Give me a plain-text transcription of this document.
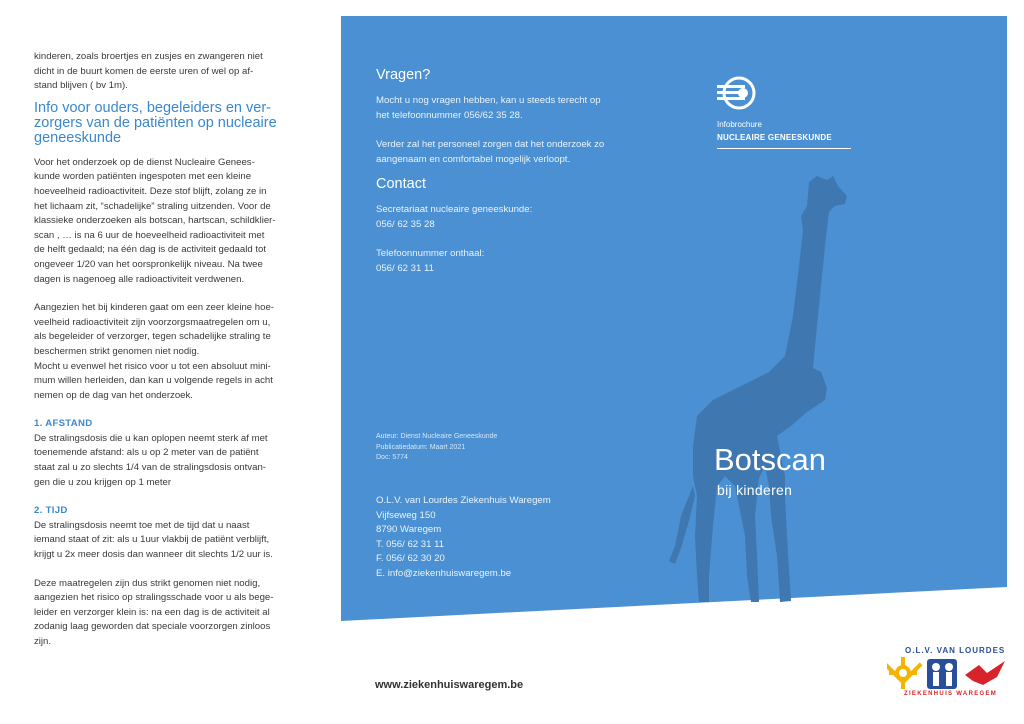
kinderen, zoals broertjes en zusjes en zwangeren niet
dicht in de buurt komen de eerste uren of wel op af-
stand blijven ( bv 1m).

Info voor ouders, begeleiders en ver-
zorgers van de patiënten op nucleaire
geneeskunde

Voor het onderzoek op de dienst Nucleaire Genees-
kunde worden patiënten ingespoten met een kleine
hoeveelheid radioactiviteit. Deze stof blijft, zolang ze in
het lichaam zit, “schadelijke” straling uitzenden. Voor de
klassieke onderzoeken als botscan, hartscan, schildklier-
scan , … is na 6 uur de hoeveelheid radioactiviteit met
de helft gedaald; na één dag is de activiteit gedaald tot
ongeveer 1/20 van het oorspronkelijk niveau. Na twee
dagen is nagenoeg alle radioactiviteit verdwenen.

Aangezien het bij kinderen gaat om een zeer kleine hoe-
veelheid radioactiviteit zijn voorzorgsmaatregelen om u,
als begeleider of verzorger, tegen schadelijke straling te
beschermen strikt genomen niet nodig.
Mocht u evenwel het risico voor u tot een absoluut mini-
mum willen herleiden, dan kan u volgende regels in acht
nemen op de dag van het onderzoek.

1. AFSTAND

De stralingsdosis die u kan oplopen neemt sterk af met
toenemende afstand: als u op 2 meter van de patiënt
staat zal u zo slechts 1/4 van de stralingsdosis ontvan-
gen die u zou krijgen op 1 meter

2. TIJD

De stralingsdosis neemt toe met de tijd dat u naast
iemand staat of zit: als u 1uur vlakbij de patiënt verblijft,
krijgt u 2x meer dosis dan wanneer dit slechts 1/2 uur is.

Deze maatregelen zijn dus strikt genomen niet nodig,
aangezien het risico op stralingsschade voor u als bege-
leider en verzorger klein is: na een dag is de activiteit al
zodanig laag geworden dat speciale voorzorgen zinloos
zijn.

Vragen?
Mocht u nog vragen hebben, kan u steeds terecht op
het telefoonnummer 056/62 35 28.
Verder zal het personeel zorgen dat het onderzoek zo
aangenaam en comfortabel mogelijk verloopt.
Contact
Secretariaat nucleaire geneeskunde:
056/ 62 35 28
Telefoonnummer onthaal:
056/ 62 31 11
Auteur: Dienst Nucleaire Geneeskunde
Publicatiedatum: Maart 2021
Doc: 5774
O.L.V. van Lourdes Ziekenhuis Waregem
Vijfseweg 150
8790 Waregem
T. 056/ 62 31 11
F. 056/ 62 30 20
E. info@ziekenhuiswaregem.be
Infobrochure
NUCLEAIRE GENEESKUNDE
Botscan
bij kinderen
www.ziekenhuiswaregem.be
O.L.V. VAN LOURDES
ZIEKENHUIS WAREGEM
